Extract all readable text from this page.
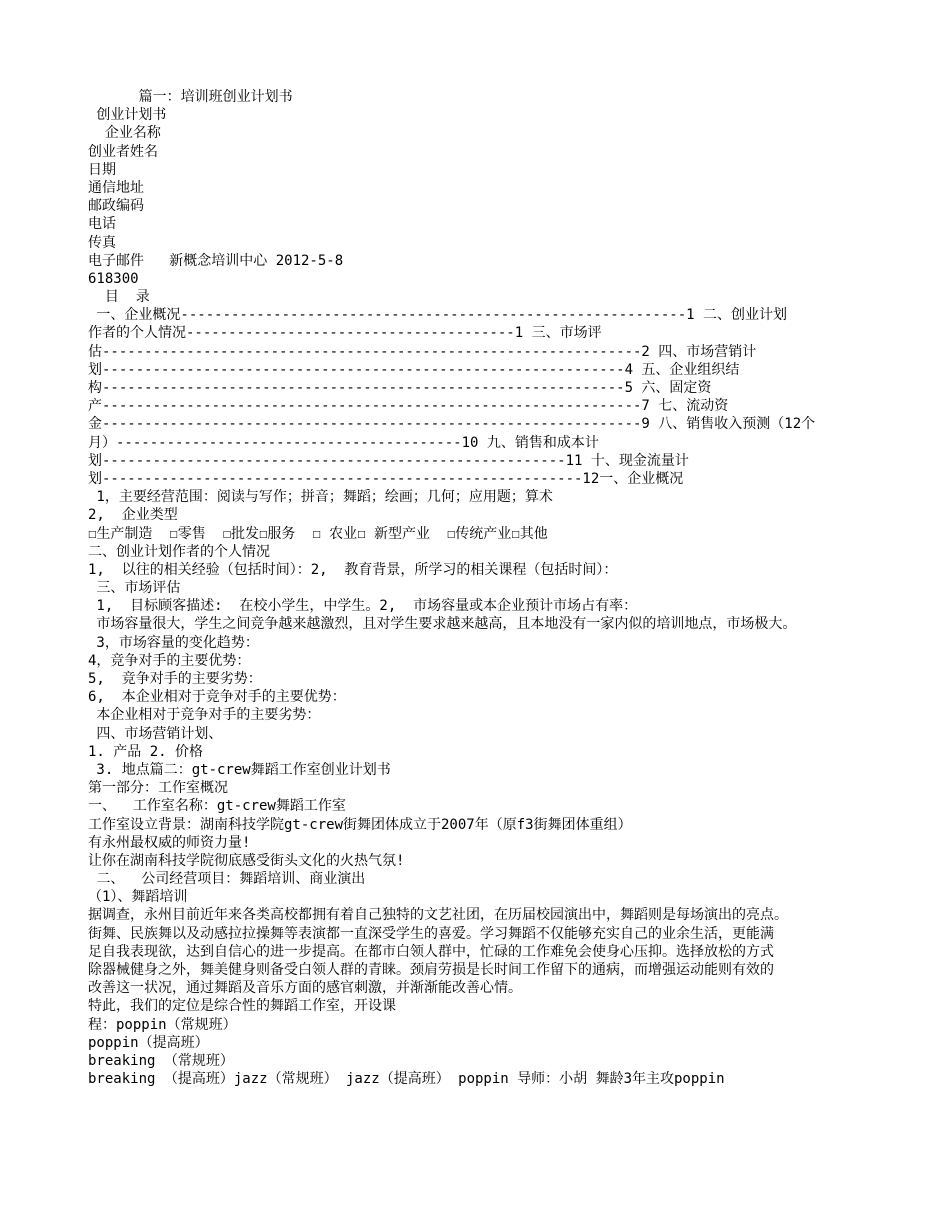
篇一：培训班创业计划书
创业计划书
企业名称
创业者姓名
日期
通信地址
邮政编码
电话
传真
电子邮件   新概念培训中心 2012-5-8
618300
目  录
一、企业概况------------------------------------------------------------1 二、创业计划
作者的个人情况---------------------------------------1 三、市场评
估----------------------------------------------------------------2 四、市场营销计
划--------------------------------------------------------------4 五、企业组织结
构--------------------------------------------------------------5 六、固定资
产----------------------------------------------------------------7 七、流动资
金----------------------------------------------------------------9 八、销售收入预测（12个
月）-----------------------------------------10 九、销售和成本计
划-------------------------------------------------------11 十、现金流量计
划---------------------------------------------------------12一、企业概况
1，主要经营范围：阅读与写作；拼音；舞蹈；绘画；几何；应用题；算术
2,  企业类型
☐生产制造  ☐零售  ☐批发☐服务  ☐ 农业☐ 新型产业  ☐传统产业☐其他
二、创业计划作者的个人情况
1,  以往的相关经验（包括时间）：2,  教育背景，所学习的相关课程（包括时间）：
三、市场评估
1,  目标顾客描述:  在校小学生，中学生。2,  市场容量或本企业预计市场占有率：
市场容量很大，学生之间竞争越来越激烈，且对学生要求越来越高，且本地没有一家内似的培训地点，市场极大。
3，市场容量的变化趋势：
4，竞争对手的主要优势：
5,  竞争对手的主要劣势：
6,  本企业相对于竞争对手的主要优势：
本企业相对于竞争对手的主要劣势：
四、市场营销计划、
1. 产品 2. 价格
3. 地点篇二：gt-crew舞蹈工作室创业计划书
第一部分：工作室概况
一、  工作室名称：gt-crew舞蹈工作室
工作室设立背景：湖南科技学院gt-crew街舞团体成立于2007年（原f3街舞团体重组）
有永州最权威的师资力量!
让你在湖南科技学院彻底感受街头文化的火热气氛!
二、  公司经营项目：舞蹈培训、商业演出
（1）、舞蹈培训
据调查，永州目前近年来各类高校都拥有着自己独特的文艺社团，在历届校园演出中，舞蹈则是每场演出的亮点。
街舞、民族舞以及动感拉拉操舞等表演都一直深受学生的喜爱。学习舞蹈不仅能够充实自己的业余生活，更能满
足自我表现欲，达到自信心的进一步提高。在都市白领人群中，忙碌的工作难免会使身心压抑。选择放松的方式
除器械健身之外，舞美健身则备受白领人群的青睐。颈肩劳损是长时间工作留下的通病，而增强运动能则有效的
改善这一状况，通过舞蹈及音乐方面的感官刺激，并渐渐能改善心情。
特此，我们的定位是综合性的舞蹈工作室，开设课
程：poppin（常规班）
poppin（提高班）
breaking （常规班）
breaking （提高班）jazz（常规班） jazz（提高班） poppin 导师：小胡 舞龄3年主攻poppin
